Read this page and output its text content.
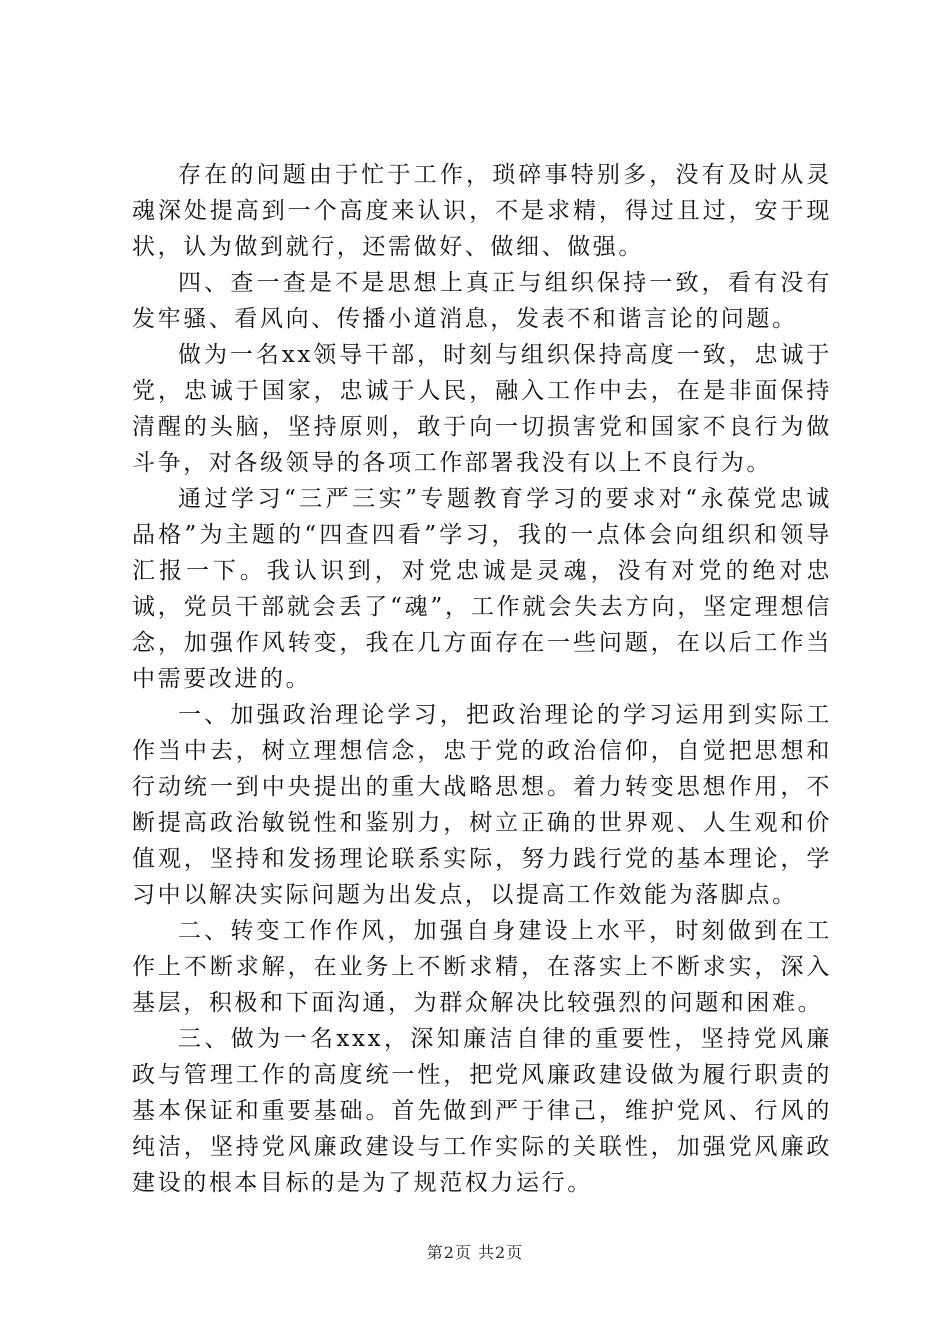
存在的问题由于忙于工作，琐碎事特别多，没有及时从灵魂深处提高到一个高度来认识，不是求精，得过且过，安于现状，认为做到就行，还需做好、做细、做强。

四、查一查是不是思想上真正与组织保持一致，看有没有发牢骚、看风向、传播小道消息，发表不和谐言论的问题。

做为一名xx领导干部，时刻与组织保持高度一致，忠诚于党，忠诚于国家，忠诚于人民，融入工作中去，在是非面保持清醒的头脑，坚持原则，敢于向一切损害党和国家不良行为做斗争，对各级领导的各项工作部署我没有以上不良行为。

通过学习“三严三实”专题教育学习的要求对“永葆党忠诚品格”为主题的“四查四看”学习，我的一点体会向组织和领导汇报一下。我认识到，对党忠诚是灵魂，没有对党的绝对忠诚，党员干部就会丢了“魂”，工作就会失去方向，坚定理想信念，加强作风转变，我在几方面存在一些问题，在以后工作当中需要改进的。

一、加强政治理论学习，把政治理论的学习运用到实际工作当中去，树立理想信念，忠于党的政治信仰，自觉把思想和行动统一到中央提出的重大战略思想。着力转变思想作用，不断提高政治敏锐性和鉴别力，树立正确的世界观、人生观和价值观，坚持和发扬理论联系实际，努力践行党的基本理论，学习中以解决实际问题为出发点，以提高工作效能为落脚点。

二、转变工作作风，加强自身建设上水平，时刻做到在工作上不断求解，在业务上不断求精，在落实上不断求实，深入基层，积极和下面沟通，为群众解决比较强烈的问题和困难。

三、做为一名xxx，深知廉洁自律的重要性，坚持党风廉政与管理工作的高度统一性，把党风廉政建设做为履行职责的基本保证和重要基础。首先做到严于律己，维护党风、行风的纯洁，坚持党风廉政建设与工作实际的关联性，加强党风廉政建设的根本目标的是为了规范权力运行。

第2页 共2页
